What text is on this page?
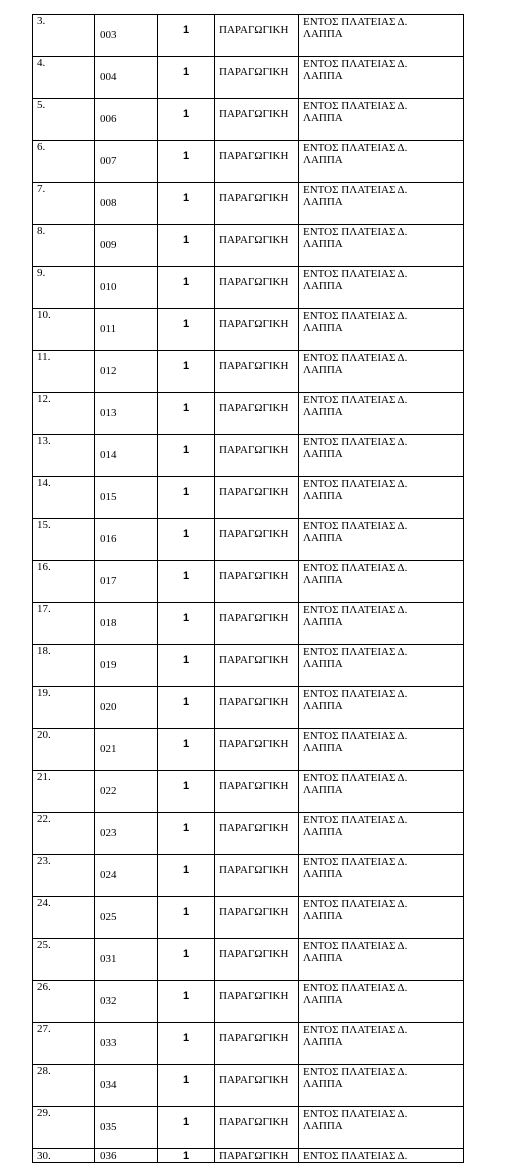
3.	003	1	ΠΑΡΑΓΩΓΙΚΗ	ΕΝΤΟΣ ΠΛΑΤΕΙΑΣ Δ.
ΛΑΠΠΑ

4.	004	1	ΠΑΡΑΓΩΓΙΚΗ	ΕΝΤΟΣ ΠΛΑΤΕΙΑΣ Δ.
ΛΑΠΠΑ

5.	006	1	ΠΑΡΑΓΩΓΙΚΗ	ΕΝΤΟΣ ΠΛΑΤΕΙΑΣ Δ.
ΛΑΠΠΑ

6.	007	1	ΠΑΡΑΓΩΓΙΚΗ	ΕΝΤΟΣ ΠΛΑΤΕΙΑΣ Δ.
ΛΑΠΠΑ

7.	008	1	ΠΑΡΑΓΩΓΙΚΗ	ΕΝΤΟΣ ΠΛΑΤΕΙΑΣ Δ.
ΛΑΠΠΑ

8.	009	1	ΠΑΡΑΓΩΓΙΚΗ	ΕΝΤΟΣ ΠΛΑΤΕΙΑΣ Δ.
ΛΑΠΠΑ

9.	010	1	ΠΑΡΑΓΩΓΙΚΗ	ΕΝΤΟΣ ΠΛΑΤΕΙΑΣ Δ.
ΛΑΠΠΑ

10.	011	1	ΠΑΡΑΓΩΓΙΚΗ	ΕΝΤΟΣ ΠΛΑΤΕΙΑΣ Δ.
ΛΑΠΠΑ

11.	012	1	ΠΑΡΑΓΩΓΙΚΗ	ΕΝΤΟΣ ΠΛΑΤΕΙΑΣ Δ.
ΛΑΠΠΑ

12.	013	1	ΠΑΡΑΓΩΓΙΚΗ	ΕΝΤΟΣ ΠΛΑΤΕΙΑΣ Δ.
ΛΑΠΠΑ

13.	014	1	ΠΑΡΑΓΩΓΙΚΗ	ΕΝΤΟΣ ΠΛΑΤΕΙΑΣ Δ.
ΛΑΠΠΑ

14.	015	1	ΠΑΡΑΓΩΓΙΚΗ	ΕΝΤΟΣ ΠΛΑΤΕΙΑΣ Δ.
ΛΑΠΠΑ

15.	016	1	ΠΑΡΑΓΩΓΙΚΗ	ΕΝΤΟΣ ΠΛΑΤΕΙΑΣ Δ.
ΛΑΠΠΑ

16.	017	1	ΠΑΡΑΓΩΓΙΚΗ	ΕΝΤΟΣ ΠΛΑΤΕΙΑΣ Δ.
ΛΑΠΠΑ

17.	018	1	ΠΑΡΑΓΩΓΙΚΗ	ΕΝΤΟΣ ΠΛΑΤΕΙΑΣ Δ.
ΛΑΠΠΑ

18.	019	1	ΠΑΡΑΓΩΓΙΚΗ	ΕΝΤΟΣ ΠΛΑΤΕΙΑΣ Δ.
ΛΑΠΠΑ

19.	020	1	ΠΑΡΑΓΩΓΙΚΗ	ΕΝΤΟΣ ΠΛΑΤΕΙΑΣ Δ.
ΛΑΠΠΑ

20.	021	1	ΠΑΡΑΓΩΓΙΚΗ	ΕΝΤΟΣ ΠΛΑΤΕΙΑΣ Δ.
ΛΑΠΠΑ

21.	022	1	ΠΑΡΑΓΩΓΙΚΗ	ΕΝΤΟΣ ΠΛΑΤΕΙΑΣ Δ.
ΛΑΠΠΑ

22.	023	1	ΠΑΡΑΓΩΓΙΚΗ	ΕΝΤΟΣ ΠΛΑΤΕΙΑΣ Δ.
ΛΑΠΠΑ

23.	024	1	ΠΑΡΑΓΩΓΙΚΗ	ΕΝΤΟΣ ΠΛΑΤΕΙΑΣ Δ.
ΛΑΠΠΑ

24.	025	1	ΠΑΡΑΓΩΓΙΚΗ	ΕΝΤΟΣ ΠΛΑΤΕΙΑΣ Δ.
ΛΑΠΠΑ

25.	031	1	ΠΑΡΑΓΩΓΙΚΗ	ΕΝΤΟΣ ΠΛΑΤΕΙΑΣ Δ.
ΛΑΠΠΑ

26.	032	1	ΠΑΡΑΓΩΓΙΚΗ	ΕΝΤΟΣ ΠΛΑΤΕΙΑΣ Δ.
ΛΑΠΠΑ

27.	033	1	ΠΑΡΑΓΩΓΙΚΗ	ΕΝΤΟΣ ΠΛΑΤΕΙΑΣ Δ.
ΛΑΠΠΑ

28.	034	1	ΠΑΡΑΓΩΓΙΚΗ	ΕΝΤΟΣ ΠΛΑΤΕΙΑΣ Δ.
ΛΑΠΠΑ

29.	035	1	ΠΑΡΑΓΩΓΙΚΗ	ΕΝΤΟΣ ΠΛΑΤΕΙΑΣ Δ.
ΛΑΠΠΑ

30.	036	1	ΠΑΡΑΓΩΓΙΚΗ	ΕΝΤΟΣ ΠΛΑΤΕΙΑΣ Δ.
